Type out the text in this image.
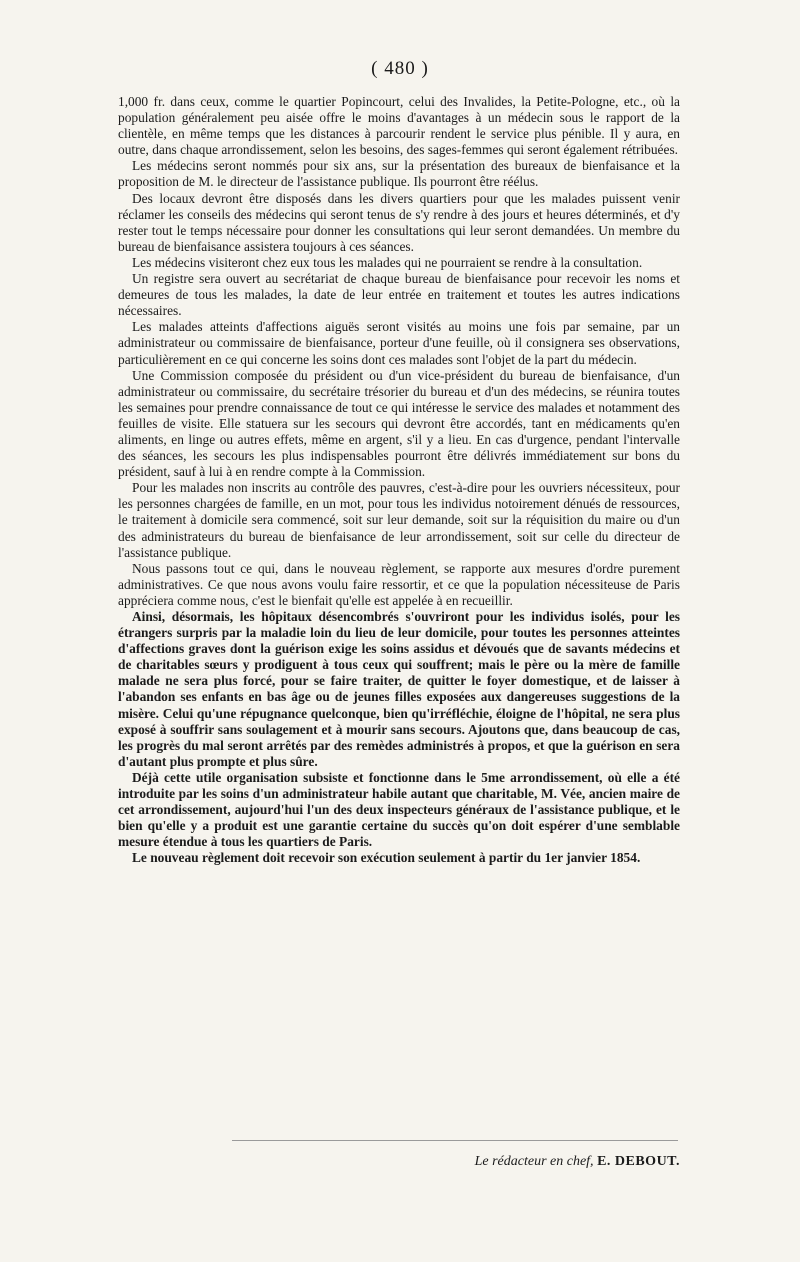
( 480 )

1,000 fr. dans ceux, comme le quartier Popincourt, celui des Invalides, la Petite-Pologne, etc., où la population généralement peu aisée offre le moins d'avantages à un médecin sous le rapport de la clientèle, en même temps que les distances à parcourir rendent le service plus pénible. Il y aura, en outre, dans chaque arrondissement, selon les besoins, des sages-femmes qui seront également rétribuées.

Les médecins seront nommés pour six ans, sur la présentation des bureaux de bienfaisance et la proposition de M. le directeur de l'assistance publique. Ils pourront être réélus.

Des locaux devront être disposés dans les divers quartiers pour que les malades puissent venir réclamer les conseils des médecins qui seront tenus de s'y rendre à des jours et heures déterminés, et d'y rester tout le temps nécessaire pour donner les consultations qui leur seront demandées. Un membre du bureau de bienfaisance assistera toujours à ces séances.

Les médecins visiteront chez eux tous les malades qui ne pourraient se rendre à la consultation.

Un registre sera ouvert au secrétariat de chaque bureau de bienfaisance pour recevoir les noms et demeures de tous les malades, la date de leur entrée en traitement et toutes les autres indications nécessaires.

Les malades atteints d'affections aiguës seront visités au moins une fois par semaine, par un administrateur ou commissaire de bienfaisance, porteur d'une feuille, où il consignera ses observations, particulièrement en ce qui concerne les soins dont ces malades sont l'objet de la part du médecin.

Une Commission composée du président ou d'un vice-président du bureau de bienfaisance, d'un administrateur ou commissaire, du secrétaire trésorier du bureau et d'un des médecins, se réunira toutes les semaines pour prendre connaissance de tout ce qui intéresse le service des malades et notamment des feuilles de visite. Elle statuera sur les secours qui devront être accordés, tant en médicaments qu'en aliments, en linge ou autres effets, même en argent, s'il y a lieu. En cas d'urgence, pendant l'intervalle des séances, les secours les plus indispensables pourront être délivrés immédiatement sur bons du président, sauf à lui à en rendre compte à la Commission.

Pour les malades non inscrits au contrôle des pauvres, c'est-à-dire pour les ouvriers nécessiteux, pour les personnes chargées de famille, en un mot, pour tous les individus notoirement dénués de ressources, le traitement à domicile sera commencé, soit sur leur demande, soit sur la réquisition du maire ou d'un des administrateurs du bureau de bienfaisance de leur arrondissement, soit sur celle du directeur de l'assistance publique.

Nous passons tout ce qui, dans le nouveau règlement, se rapporte aux mesures d'ordre purement administratives. Ce que nous avons voulu faire ressortir, et ce que la population nécessiteuse de Paris appréciera comme nous, c'est le bienfait qu'elle est appelée à en recueillir.

Ainsi, désormais, les hôpitaux désencombrés s'ouvriront pour les individus isolés, pour les étrangers surpris par la maladie loin du lieu de leur domicile, pour toutes les personnes atteintes d'affections graves dont la guérison exige les soins assidus et dévoués que de savants médecins et de charitables sœurs y prodiguent à tous ceux qui souffrent; mais le père ou la mère de famille malade ne sera plus forcé, pour se faire traiter, de quitter le foyer domestique, et de laisser à l'abandon ses enfants en bas âge ou de jeunes filles exposées aux dangereuses suggestions de la misère. Celui qu'une répugnance quelconque, bien qu'irréfléchie, éloigne de l'hôpital, ne sera plus exposé à souffrir sans soulagement et à mourir sans secours. Ajoutons que, dans beaucoup de cas, les progrès du mal seront arrêtés par des remèdes administrés à propos, et que la guérison en sera d'autant plus prompte et plus sûre.

Déjà cette utile organisation subsiste et fonctionne dans le 5me arrondissement, où elle a été introduite par les soins d'un administrateur habile autant que charitable, M. Vée, ancien maire de cet arrondissement, aujourd'hui l'un des deux inspecteurs généraux de l'assistance publique, et le bien qu'elle y a produit est une garantie certaine du succès qu'on doit espérer d'une semblable mesure étendue à tous les quartiers de Paris.

Le nouveau règlement doit recevoir son exécution seulement à partir du 1er janvier 1854.

Le rédacteur en chef, E. DEBOUT.
